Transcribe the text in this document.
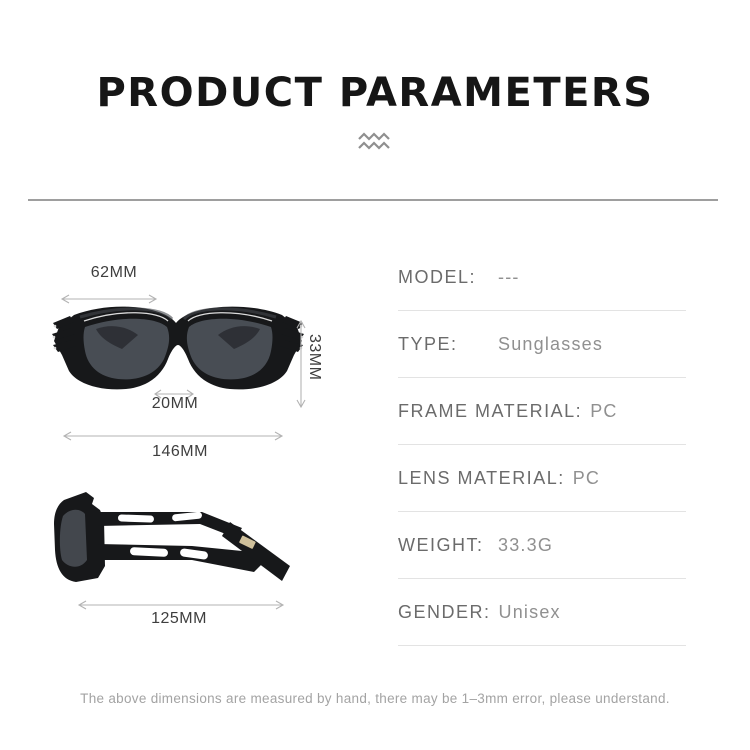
PRODUCT PARAMETERS
62MM
33MM
20MM
146MM
125MM
MODEL:	---
TYPE:	Sunglasses
FRAME MATERIAL: PC
LENS MATERIAL: PC
WEIGHT: 33.3G
GENDER: Unisex
The above dimensions are measured by hand, there may be 1–3mm error, please understand.
